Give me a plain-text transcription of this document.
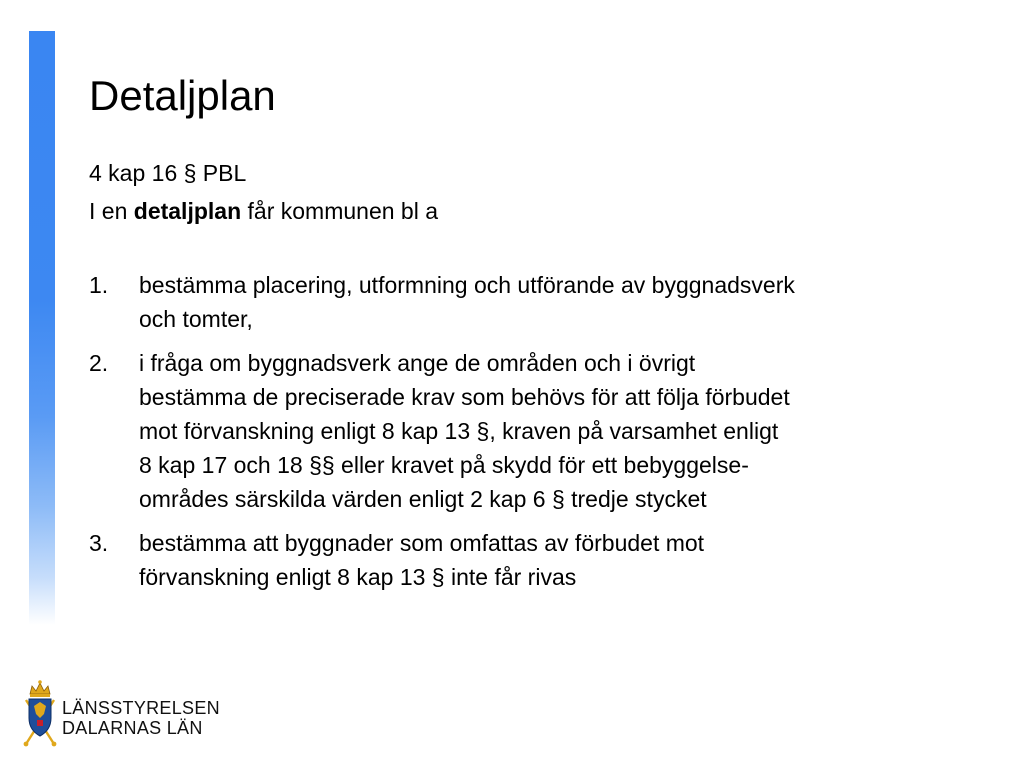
Detaljplan

4 kap 16 § PBL

I en detaljplan får kommunen bl a

1. bestämma placering, utformning och utförande av byggnadsverk
och tomter,
2. i fråga om byggnadsverk ange de områden och i övrigt
bestämma de preciserade krav som behövs för att följa förbudet
mot förvanskning enligt 8 kap 13 §, kraven på varsamhet enligt
8 kap 17 och 18 §§ eller kravet på skydd för ett bebyggelse-
områdes särskilda värden enligt 2 kap 6 § tredje stycket
3. bestämma att byggnader som omfattas av förbudet mot
förvanskning enligt 8 kap 13 § inte får rivas
LÄNSSTYRELSEN
DALARNAS LÄN
